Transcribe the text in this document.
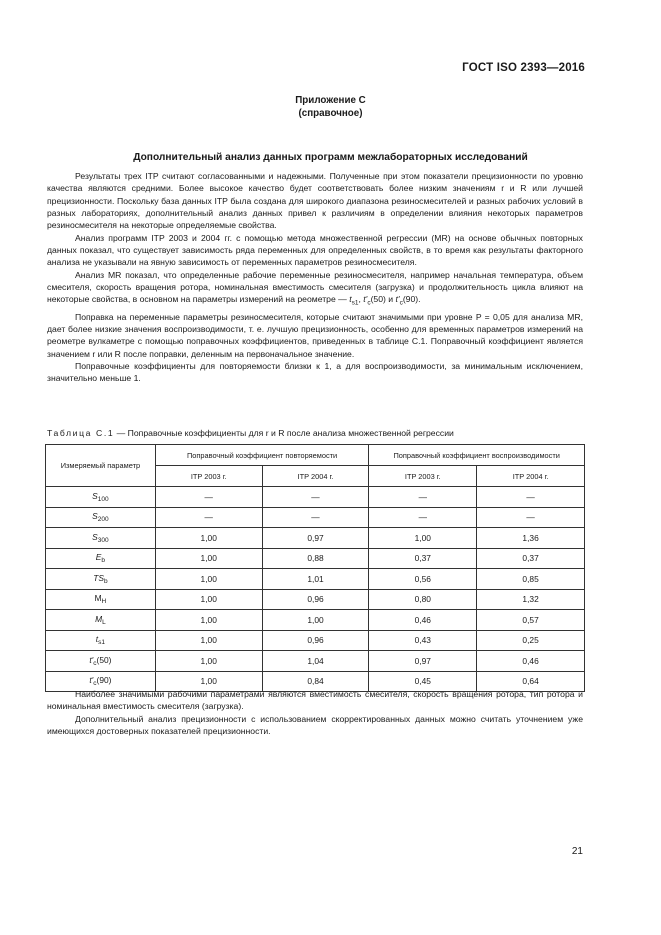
ГОСТ ISO 2393—2016
Приложение С
(справочное)
Дополнительный анализ данных программ межлабораторных исследований

Результаты трех ITP считают согласованными и надежными. Полученные при этом показатели прецизионности по уровню качества являются средними. Более высокое качество будет соответствовать более низким значениям r и R или лучшей прецизионности. Поскольку база данных ITP была создана для широкого диапазона резиносмесителей и разных рабочих условий в разных лабораториях, дополнительный анализ данных привел к различиям в определении влияния некоторых параметров резиносмесителя на некоторые определяемые свойства.

Анализ программ ITP 2003 и 2004 гг. с помощью метода множественной регрессии (MR) на основе обычных повторных данных показал, что существует зависимость ряда переменных для определенных свойств, в то время как результаты факторного анализа не указывали на явную зависимость от переменных параметров резиносмесителя.

Анализ MR показал, что определенные рабочие переменные резиносмесителя, например начальная температура, объем смесителя, скорость вращения ротора, номинальная вместимость смесителя (загрузка) и продолжительность цикла влияют на некоторые свойства, в основном на параметры измерений на реометре — $t_{s1}$, $t'_c(50)$ и $t'_c(90)$.

Поправка на переменные параметры резиносмесителя, которые считают значимыми при уровне P = 0,05 для анализа MR, дает более низкие значения воспроизводимости, т. е. лучшую прецизионность, особенно для временных параметров измерений на реометре вулкаметре с помощью поправочных коэффициентов, приведенных в таблице С.1. Поправочный коэффициент является значением r или R после поправки, деленным на первоначальное значение.

Поправочные коэффициенты для повторяемости близки к 1, а для воспроизводимости, за минимальным исключением, значительно меньше 1.

Таблица С.1 — Поправочные коэффициенты для r и R после анализа множественной регрессии
Измеряемый параметр	Поправочный коэффициент повторяемости		Поправочный коэффициент воспроизводимости	
	ITP 2003 г.	ITP 2004 г.	ITP 2003 г.	ITP 2004 г.
$S_{100}$	—	—	—	—
$S_{200}$	—	—	—	—
$S_{300}$	1,00	0,97	1,00	1,36
$E_b$	1,00	0,88	0,37	0,37
$TS_b$	1,00	1,01	0,56	0,85
$M_H$	1,00	0,96	0,80	1,32
$M_L$	1,00	1,00	0,46	0,57
$t_{s1}$	1,00	0,96	0,43	0,25
$t'_c(50)$	1,00	1,04	0,97	0,46
$t'_c(90)$	1,00	0,84	0,45	0,64

Наиболее значимыми рабочими параметрами являются вместимость смесителя, скорость вращения ротора, тип ротора и номинальная вместимость смесителя (загрузка).

Дополнительный анализ прецизионности с использованием скорректированных данных можно считать уточнением уже имеющихся достоверных показателей прецизионности.

21
